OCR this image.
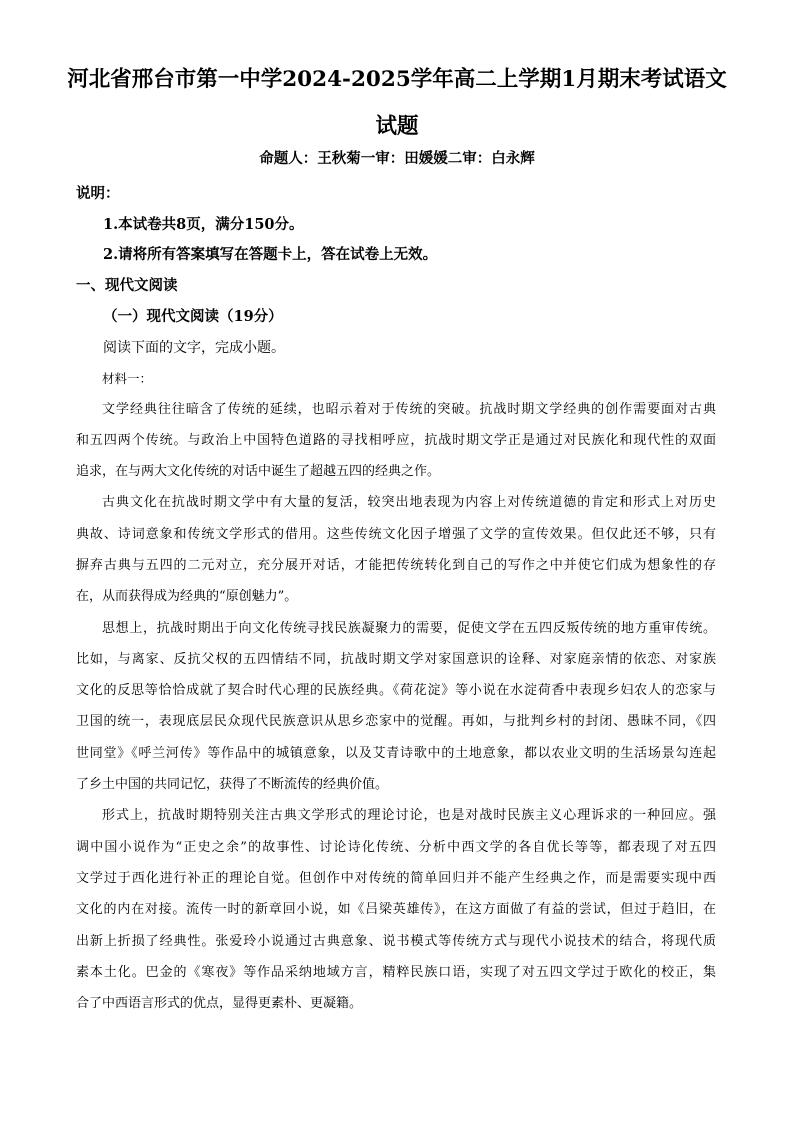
河北省邢台市第一中学2024-2025学年高二上学期1月期末考试语文
试题
命题人：王秋菊一审：田媛媛二审：白永辉
说明：
1.本试卷共8页，满分150分。
2.请将所有答案填写在答题卡上，答在试卷上无效。
一、现代文阅读
（一）现代文阅读（19分）
阅读下面的文字，完成小题。
材料一：
文学经典往往暗含了传统的延续，也昭示着对于传统的突破。抗战时期文学经典的创作需要面对古典
和五四两个传统。与政治上中国特色道路的寻找相呼应，抗战时期文学正是通过对民族化和现代性的双面
追求，在与两大文化传统的对话中诞生了超越五四的经典之作。
古典文化在抗战时期文学中有大量的复活，较突出地表现为内容上对传统道德的肯定和形式上对历史
典故、诗词意象和传统文学形式的借用。这些传统文化因子增强了文学的宣传效果。但仅此还不够，只有
摒弃古典与五四的二元对立，充分展开对话，才能把传统转化到自己的写作之中并使它们成为想象性的存
在，从而获得成为经典的“原创魅力”。
思想上，抗战时期出于向文化传统寻找民族凝聚力的需要，促使文学在五四反叛传统的地方重审传统。
比如，与离家、反抗父权的五四情结不同，抗战时期文学对家国意识的诠释、对家庭亲情的依恋、对家族
文化的反思等恰恰成就了契合时代心理的民族经典。《荷花淀》等小说在水淀荷香中表现乡妇农人的恋家与
卫国的统一，表现底层民众现代民族意识从思乡恋家中的觉醒。再如，与批判乡村的封闭、愚昧不同，《四
世同堂》《呼兰河传》等作品中的城镇意象，以及艾青诗歌中的土地意象，都以农业文明的生活场景勾连起
了乡土中国的共同记忆，获得了不断流传的经典价值。
形式上，抗战时期特别关注古典文学形式的理论讨论，也是对战时民族主义心理诉求的一种回应。强
调中国小说作为“正史之余”的故事性、讨论诗化传统、分析中西文学的各自优长等等，都表现了对五四
文学过于西化进行补正的理论自觉。但创作中对传统的简单回归并不能产生经典之作，而是需要实现中西
文化的内在对接。流传一时的新章回小说，如《吕梁英雄传》，在这方面做了有益的尝试，但过于趋旧，在
出新上折损了经典性。张爱玲小说通过古典意象、说书模式等传统方式与现代小说技术的结合，将现代质
素本土化。巴金的《寒夜》等作品采纳地域方言，精粹民族口语，实现了对五四文学过于欧化的校正，集
合了中西语言形式的优点，显得更素朴、更凝籍。
